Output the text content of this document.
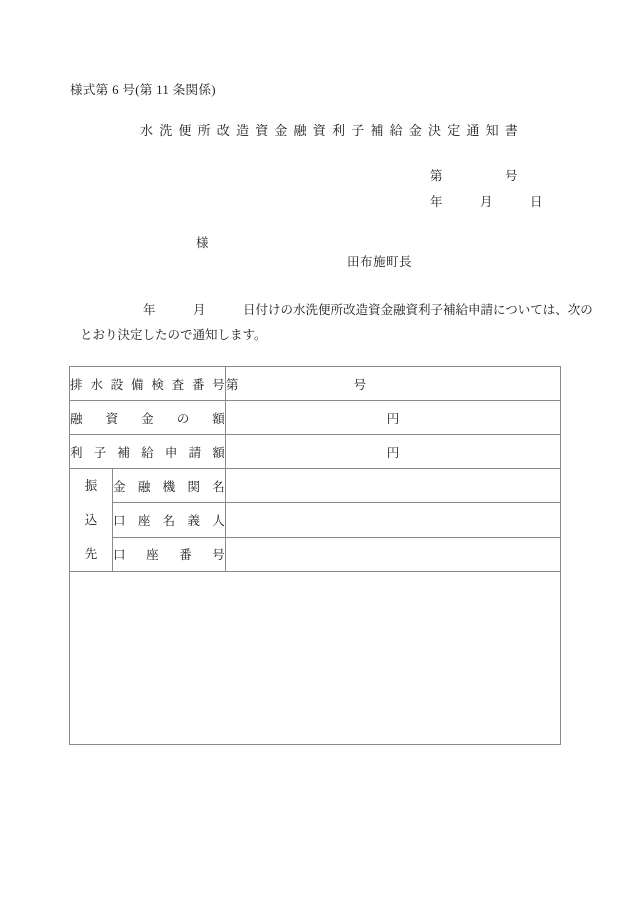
様式第 6 号(第 11 条関係)
水洗便所改造資金融資利子補給金決定通知書
第　　　　　号
年　　　月　　　日
様
田布施町長
年　　　月　　　日付けの水洗便所改造資金融資利子補給申請については、次の
とおり決定したので通知します。
排水設備検査番号		第 号

融資金の額		円

利子補給申請額		円

振
込
先	金融機関名	

	口座名義人	

	口座番号	
